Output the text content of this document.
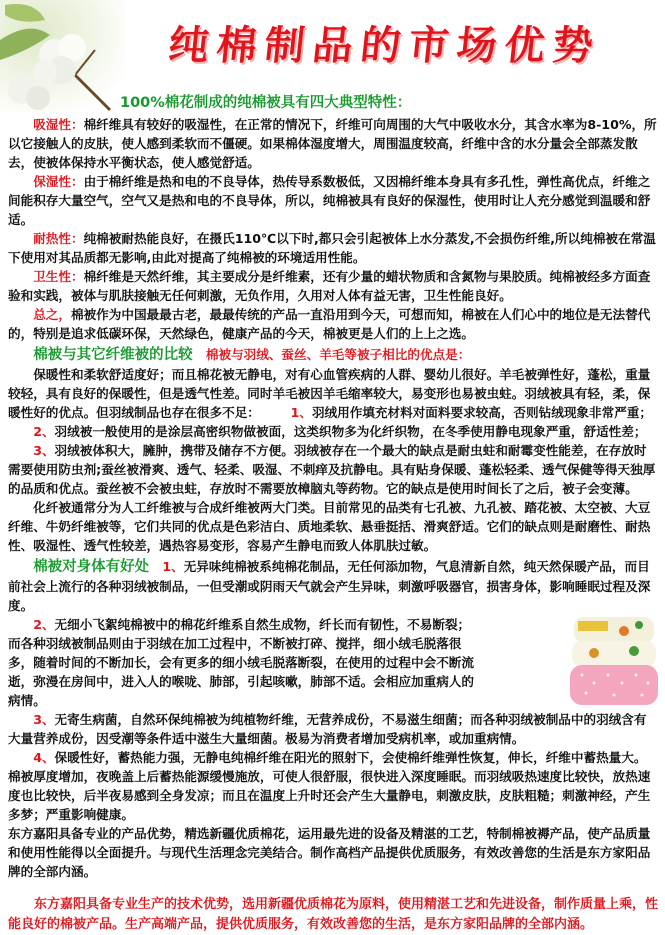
纯棉制品的市场优势

100%棉花制成的纯棉被具有四大典型特性：

吸湿性：棉纤维具有较好的吸湿性，在正常的情况下，纤维可向周围的大气中吸收水分，其含水率为8-10%，所以它接触人的皮肤，使人感到柔软而不僵硬。如果棉体湿度增大，周围温度较高，纤维中含的水分量会全部蒸发散去，使被体保持水平衡状态，使人感觉舒适。

保湿性：由于棉纤维是热和电的不良导体，热传导系数极低，又因棉纤维本身具有多孔性，弹性高优点，纤维之间能积存大量空气，空气又是热和电的不良导体，所以，纯棉被具有良好的保湿性，使用时让人充分感觉到温暖和舒适。

耐热性：纯棉被耐热能良好，在摄氏110℃以下时,都只会引起被体上水分蒸发,不会损伤纤维,所以纯棉被在常温下使用对其品质都无影响,由此对提高了纯棉被的环境适用性能。

卫生性：棉纤维是天然纤维，其主要成分是纤维素，还有少量的蜡状物质和含氮物与果胶质。纯棉被经多方面查验和实践，被体与肌肤接触无任何刺激，无负作用，久用对人体有益无害，卫生性能良好。

总之，棉被作为中国最最古老，最最传统的产品一直沿用到今天，可想而知，棉被在人们心中的地位是无法替代的，特别是追求低碳环保，天然绿色，健康产品的今天，棉被更是人们的上上之选。

棉被与其它纤维被的比较 棉被与羽绒、蚕丝、羊毛等被子相比的优点是：

保暖性和柔软舒适度好；而且棉花被无静电，对有心血管疾病的人群、婴幼儿很好。羊毛被弹性好，蓬松，重量较轻，具有良好的保暖性，但是透气性差。同时羊毛被因羊毛缩率较大，易变形也易被虫蛀。羽绒被具有轻，柔，保暖性好的优点。但羽绒制品也存在很多不足： 1、羽绒用作填充材料对面料要求较高，否则钻绒现象非常严重；

2、羽绒被一般使用的是涂层高密织物做被面，这类织物多为化纤织物，在冬季使用静电现象严重，舒适性差；

3、羽绒被体积大，臃肿，携带及储存不方便。羽绒被存在一个最大的缺点是耐虫蛀和耐霉变性能差，在存放时需要使用防虫剂;蚕丝被滑爽、透气、轻柔、吸湿、不刺痒及抗静电。具有贴身保暖、蓬松轻柔、透气保健等得天独厚的品质和优点。蚕丝被不会被虫蛀，存放时不需要放樟脑丸等药物。它的缺点是使用时间长了之后，被子会变薄。

化纤被通常分为人工纤维被与合成纤维被两大门类。目前常见的品类有七孔被、九孔被、踏花被、太空被、大豆纤维、牛奶纤维被等，它们共同的优点是色彩洁白、质地柔软、悬垂挺括、滑爽舒适。它们的缺点则是耐磨性、耐热性、吸湿性、透气性较差，遇热容易变形，容易产生静电而致人体肌肤过敏。

棉被对身体有好处 1、无异味纯棉被系纯棉花制品，无任何添加物，气息清新自然，纯天然保暖产品，而目前社会上流行的各种羽绒被制品，一但受潮或阴雨天气就会产生异味，刺激呼吸器官，损害身体，影响睡眠过程及深度。

2、无细小飞絮纯棉被中的棉花纤维系自然生成物，纤长而有韧性，不易断裂；而各种羽绒被制品则由于羽绒在加工过程中，不断被打碎、搅拌，细小绒毛脱落很多，随着时间的不断加长，会有更多的细小绒毛脱落断裂，在使用的过程中会不断流逝，弥漫在房间中，进入人的喉咙、肺部，引起咳嗽，肺部不适。会相应加重病人的病情。

3、无寄生病菌，自然环保纯棉被为纯植物纤维，无营养成份，不易滋生细菌；而各种羽绒被制品中的羽绒含有大量营养成份，因受潮等条件适中滋生大量细菌。极易为消费者增加受病机率，或加重病情。

4、保暖性好，蓄热能力强，无静电纯棉纤维在阳光的照射下，会使棉纤维弹性恢复，伸长，纤维中蓄热量大。棉被厚度增加，夜晚盖上后蓄热能源缓慢施放，可使人很舒服，很快进入深度睡眠。而羽绒吸热速度比较快，放热速度也比较快，后半夜易感到全身发凉；而且在温度上升时还会产生大量静电，刺激皮肤，皮肤粗糙；刺激神经，产生多梦；严重影响健康。

东方嘉阳具备专业的产品优势，精选新疆优质棉花，运用最先进的设备及精湛的工艺，特制棉被褥产品，使产品质量和使用性能得以全面提升。与现代生活理念完美结合。制作高档产品提供优质服务，有效改善您的生活是东方家阳品牌的全部内涵。

东方嘉阳具备专业生产的技术优势，选用新疆优质棉花为原料，使用精湛工艺和先进设备，制作质量上乘，性能良好的棉被产品。生产高端产品，提供优质服务，有效改善您的生活，是东方家阳品牌的全部内涵。
